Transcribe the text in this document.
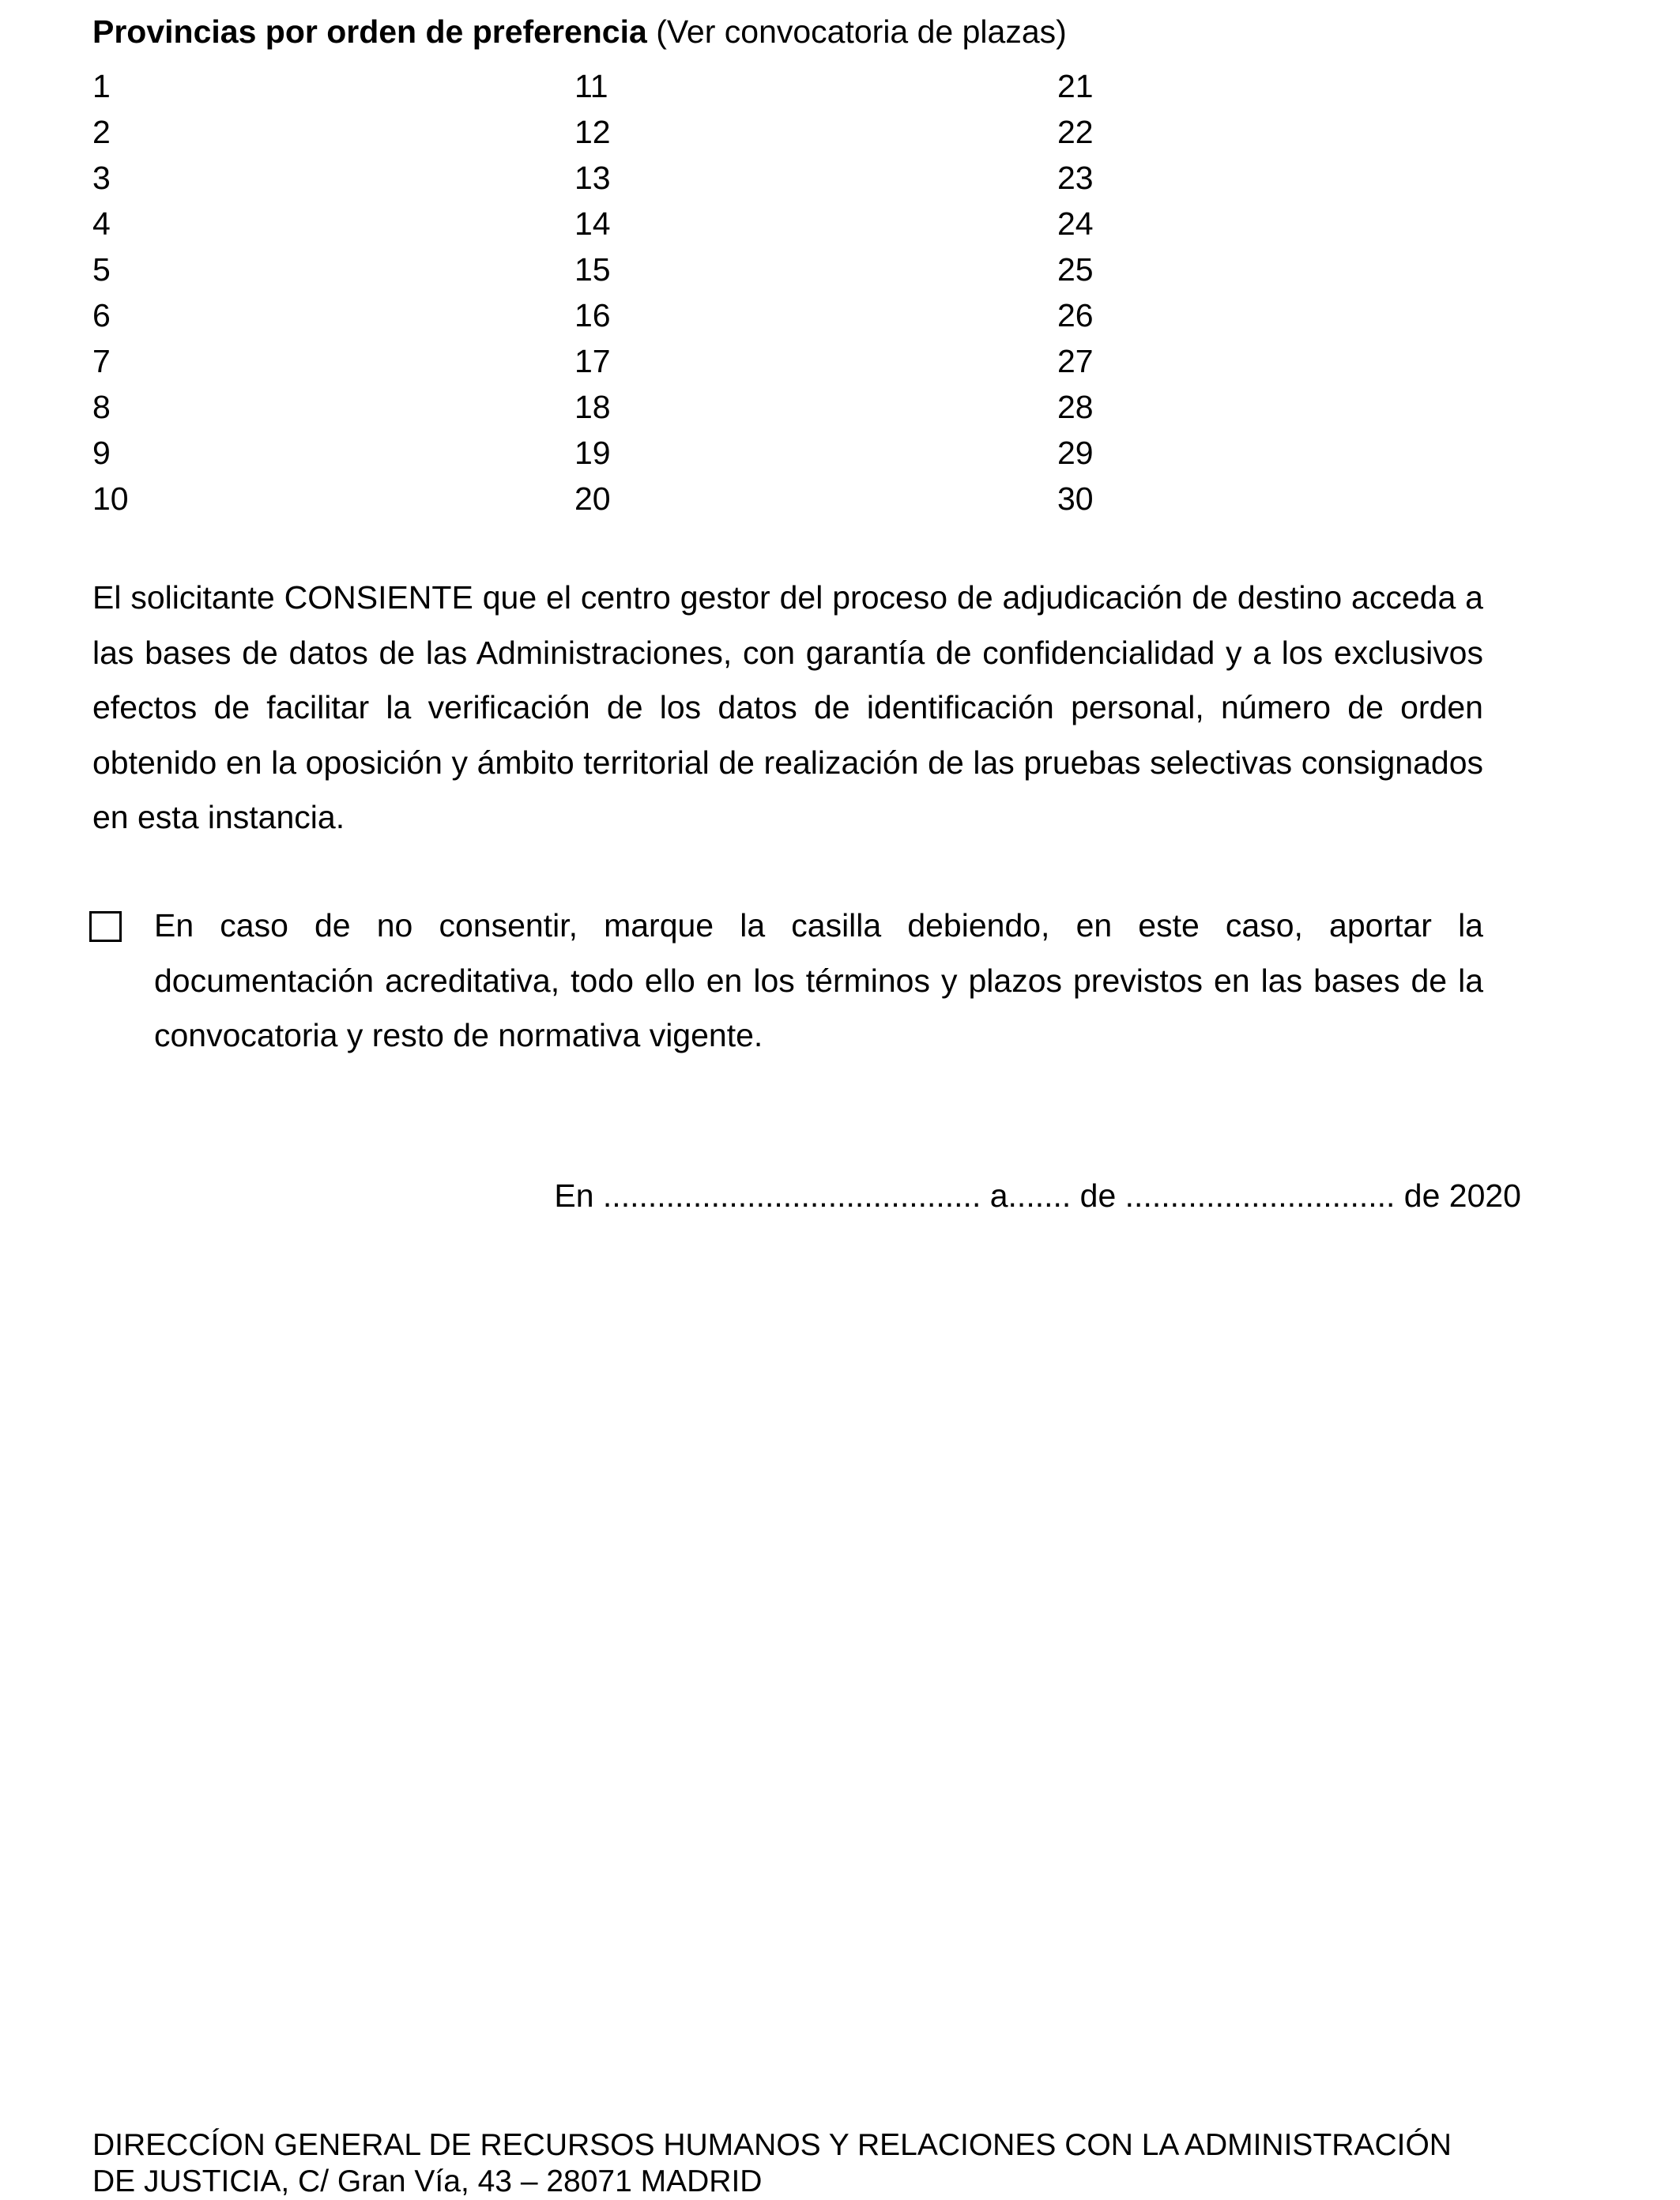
Provincias por orden de preferencia (Ver convocatoria de plazas)
1
2
3
4
5
6
7
8
9
10
11
12
13
14
15
16
17
18
19
20
21
22
23
24
25
26
27
28
29
30

El solicitante CONSIENTE que el centro gestor del proceso de adjudicación de destino acceda a las bases de datos de las Administraciones, con garantía de confidencialidad y a los exclusivos efectos de facilitar la verificación de los datos de identificación personal, número de orden obtenido en la oposición y ámbito territorial de realización de las pruebas selectivas consignados en esta instancia.

En caso de no consentir, marque la casilla debiendo, en este caso, aportar la documentación acreditativa, todo ello en los términos y plazos previstos en las bases de la convocatoria y resto de normativa vigente.

En .......................................... a....... de .............................. de 2020
DIRECCÍON GENERAL DE RECURSOS HUMANOS Y RELACIONES CON LA ADMINISTRACIÓN
DE JUSTICIA, C/ Gran Vía, 43 – 28071 MADRID
